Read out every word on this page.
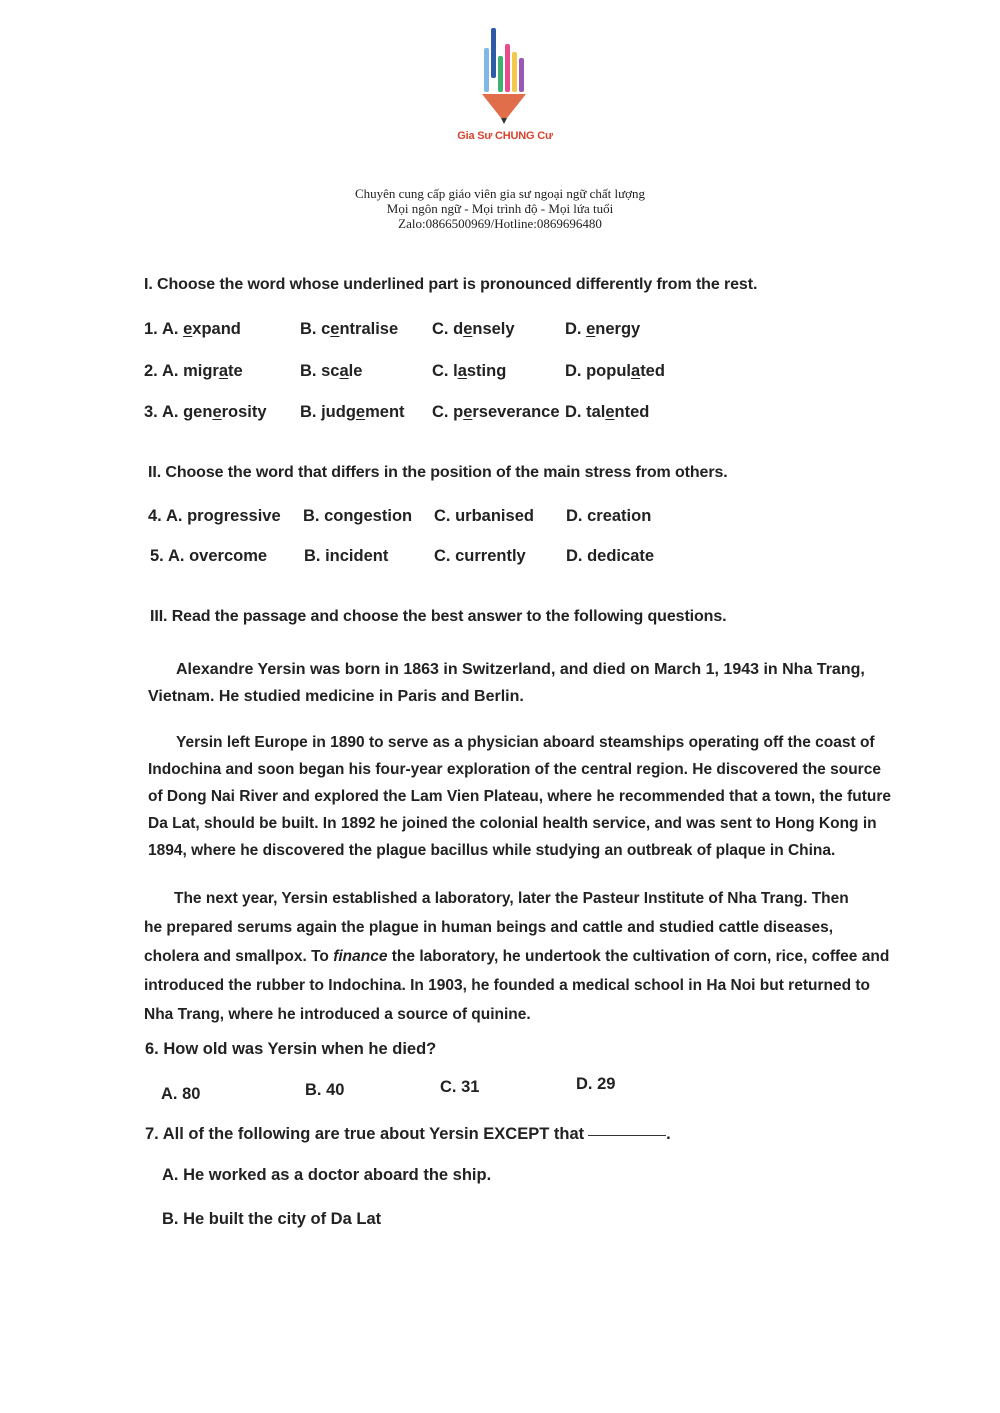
Gia Sư CHUNG Cư
Chuyên cung cấp giáo viên gia sư ngoại ngữ chất lượng
Mọi ngôn ngữ - Mọi trình độ - Mọi lứa tuổi
Zalo:0866500969/Hotline:0869696480
I. Choose the word whose underlined part is pronounced differently from the rest.
1. A. expand	B. centralise C. densely	D. energy
2. A. migrate	B. scale	C. lasting	D. populated
3. A. generosity B. judgement C. perseverance D. talented
II. Choose the word that differs in the position of the main stress from others.
4. A. progressive B. congestion C. urbanised D. creation
5. A. overcome B. incident	C. currently D. dedicate
III. Read the passage and choose the best answer to the following questions.
Alexandre Yersin was born in 1863 in Switzerland, and died on March 1, 1943 in Nha Trang,
Vietnam. He studied medicine in Paris and Berlin.
Yersin left Europe in 1890 to serve as a physician aboard steamships operating off the coast of
Indochina and soon began his four-year exploration of the central region. He discovered the source
of Dong Nai River and explored the Lam Vien Plateau, where he recommended that a town, the future
Da Lat, should be built. In 1892 he joined the colonial health service, and was sent to Hong Kong in
1894, where he discovered the plague bacillus while studying an outbreak of plaque in China.
The next year, Yersin established a laboratory, later the Pasteur Institute of Nha Trang. Then
he prepared serums again the plague in human beings and cattle and studied cattle diseases,
cholera and smallpox. To finance the laboratory, he undertook the cultivation of corn, rice, coffee and
introduced the rubber to Indochina. In 1903, he founded a medical school in Ha Noi but returned to
Nha Trang, where he introduced a source of quinine.
6. How old was Yersin when he died?
A. 80	B. 40	C. 31	D. 29
7. All of the following are true about Yersin EXCEPT that	.
A. He worked as a doctor aboard the ship.
B. He built the city of Da Lat
